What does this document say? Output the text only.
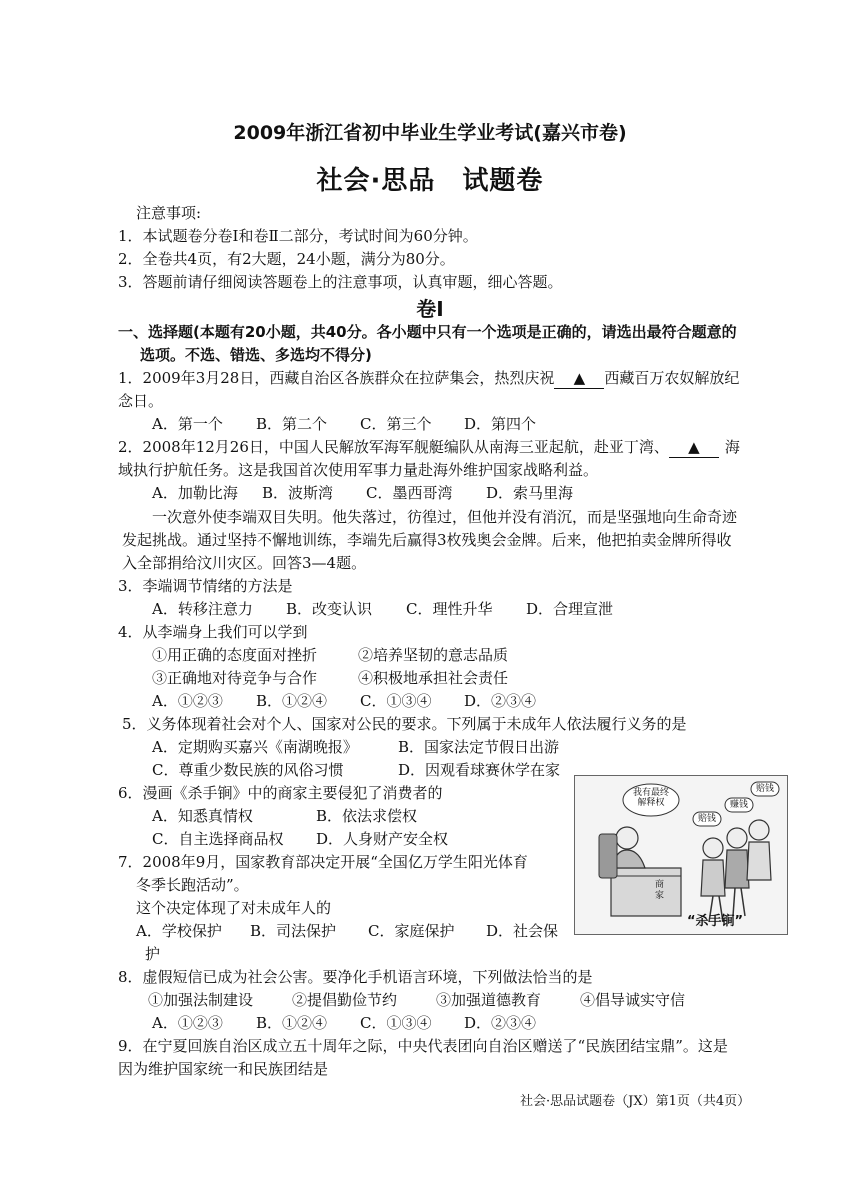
2009年浙江省初中毕业生学业考试(嘉兴市卷)
社会·思品　试题卷
注意事项:
1．本试题卷分卷Ⅰ和卷Ⅱ二部分，考试时间为60分钟。
2．全卷共4页，有2大题，24小题，满分为80分。
3．答题前请仔细阅读答题卷上的注意事项，认真审题，细心答题。
卷Ⅰ
一、选择题(本题有20小题，共40分。各小题中只有一个选项是正确的，请选出最符合题意的
选项。不选、错选、多选均不得分)
1．2009年3月28日，西藏自治区各族群众在拉萨集会，热烈庆祝 ▲ 西藏百万农奴解放纪
念日。
A．第一个 B．第二个 C．第三个 D．第四个
2．2008年12月26日，中国人民解放军海军舰艇编队从南海三亚起航，赴亚丁湾、 ▲ 海
域执行护航任务。这是我国首次使用军事力量赴海外维护国家战略利益。
A．加勒比海 B．波斯湾 C．墨西哥湾 D．索马里海
一次意外使李端双目失明。他失落过，彷徨过，但他并没有消沉，而是坚强地向生命奇迹
发起挑战。通过坚持不懈地训练，李端先后赢得3枚残奥会金牌。后来，他把拍卖金牌所得收
入全部捐给汶川灾区。回答3—4题。
3．李端调节情绪的方法是
A．转移注意力 B．改变认识 C．理性升华 D．合理宣泄
4．从李端身上我们可以学到
①用正确的态度面对挫折	②培养坚韧的意志品质
③正确地对待竞争与合作	④积极地承担社会责任
A．①②③ B．①②④ C．①③④ D．②③④
5．义务体现着社会对个人、国家对公民的要求。下列属于未成年人依法履行义务的是
A．定期购买嘉兴《南湖晚报》	B．国家法定节假日出游
C．尊重少数民族的风俗习惯	D．因观看球赛休学在家
6．漫画《杀手锏》中的商家主要侵犯了消费者的
A．知悉真情权	B．依法求偿权
C．自主选择商品权 D．人身财产安全权
7．2008年9月，国家教育部决定开展“全国亿万学生阳光体育
冬季长跑活动”。
这个决定体现了对未成年人的
A．学校保护 B．司法保护 C．家庭保护 D．社会保
护
我有最终解释权
赔钱
赚钱
赔钱
商家
“杀手锏”
8．虚假短信已成为社会公害。要净化手机语言环境，下列做法恰当的是
①加强法制建设	②提倡勤俭节约	③加强道德教育	④倡导诚实守信
A．①②③ B．①②④ C．①③④ D．②③④
9．在宁夏回族自治区成立五十周年之际，中央代表团向自治区赠送了“民族团结宝鼎”。这是
因为维护国家统一和民族团结是
社会·思品试题卷（JX）第1页（共4页）
